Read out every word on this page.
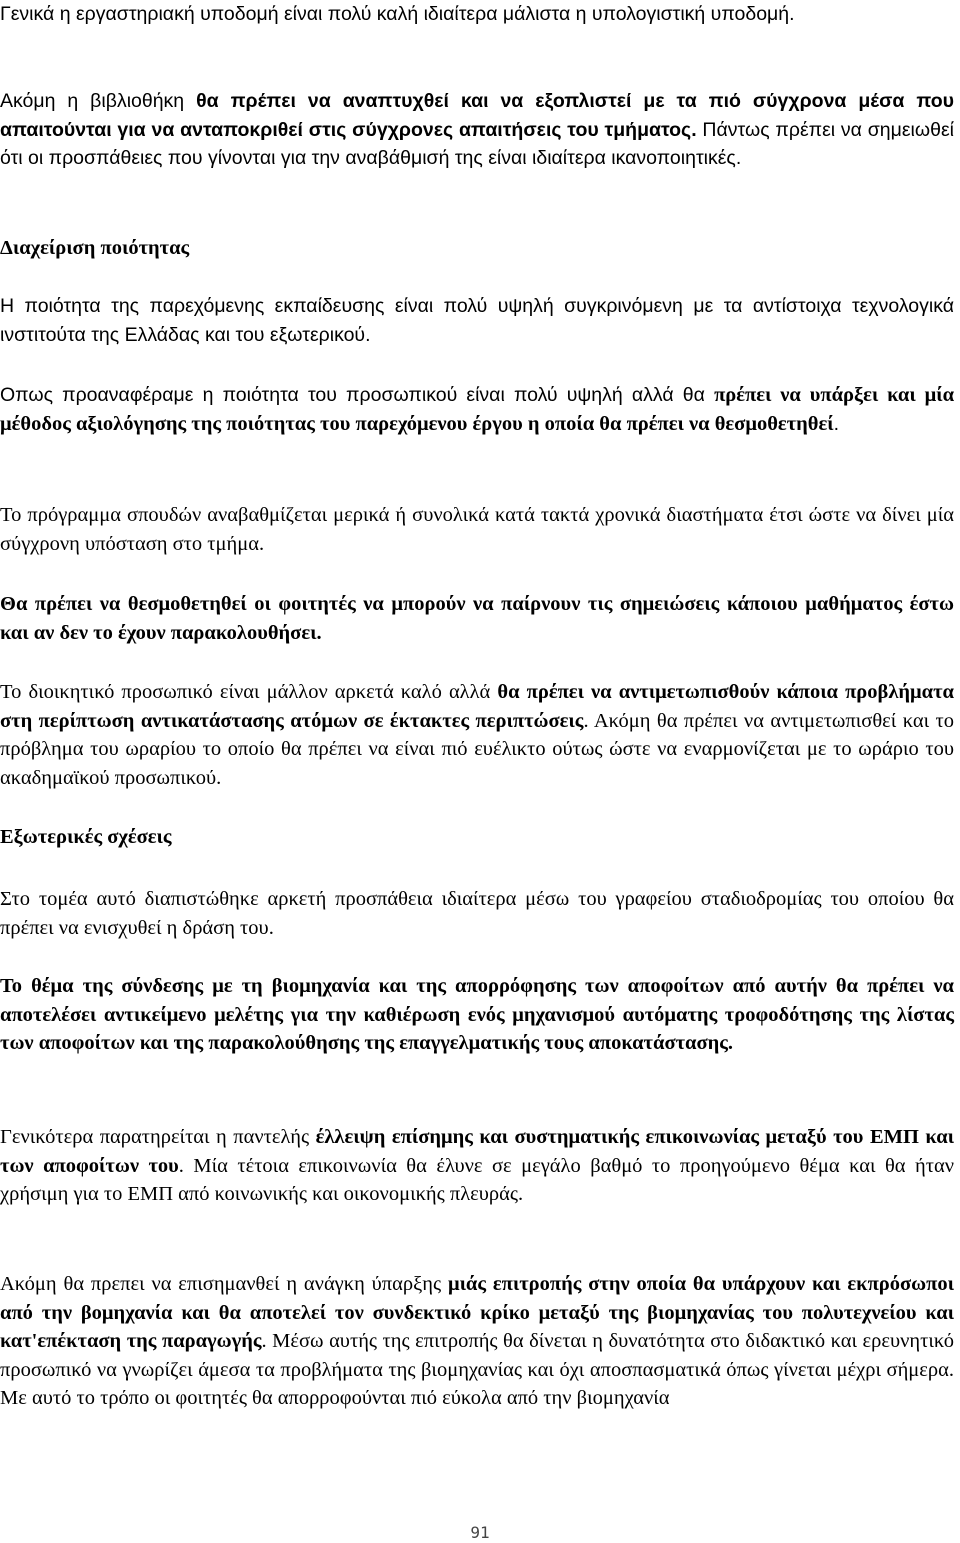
Γενικά η εργαστηριακή υποδομή είναι πολύ καλή ιδιαίτερα μάλιστα η υπολογιστική υποδομή.

Ακόμη η βιβλιοθήκη θα πρέπει να αναπτυχθεί και να εξοπλιστεί με τα πιό σύγχρονα μέσα που απαιτούνται για να ανταποκριθεί στις σύγχρονες απαιτήσεις του τμήματος. Πάντως πρέπει να σημειωθεί ότι οι προσπάθειες που γίνονται για την αναβάθμισή της είναι ιδιαίτερα ικανοποιητικές.

Διαχείριση ποιότητας

Η ποιότητα της παρεχόμενης εκπαίδευσης είναι πολύ υψηλή συγκρινόμενη με τα αντίστοιχα τεχνολογικά ινστιτούτα της Ελλάδας και του εξωτερικού.

Οπως προαναφέραμε η ποιότητα του προσωπικού είναι πολύ υψηλή αλλά θα πρέπει να υπάρξει και μία μέθοδος αξιολόγησης της ποιότητας του παρεχόμενου έργου η οποία θα πρέπει να θεσμοθετηθεί.

Το πρόγραμμα σπουδών αναβαθμίζεται μερικά ή συνολικά κατά τακτά χρονικά διαστήματα έτσι ώστε να δίνει μία σύγχρονη υπόσταση στο τμήμα.

Θα πρέπει να θεσμοθετηθεί οι φοιτητές να μπορούν να παίρνουν τις σημειώσεις κάποιου μαθήματος έστω και αν δεν το έχουν παρακολουθήσει.

Το διοικητικό προσωπικό είναι μάλλον αρκετά καλό αλλά θα πρέπει να αντιμετωπισθούν κάποια προβλήματα στη περίπτωση αντικατάστασης ατόμων σε έκτακτες περιπτώσεις. Ακόμη θα πρέπει να αντιμετωπισθεί και το πρόβλημα του ωραρίου το οποίο θα πρέπει να είναι πιό ευέλικτο ούτως ώστε να εναρμονίζεται με το ωράριο του ακαδημαϊκού προσωπικού.

Εξωτερικές σχέσεις

Στο τομέα αυτό διαπιστώθηκε αρκετή προσπάθεια ιδιαίτερα μέσω του γραφείου σταδιοδρομίας του οποίου θα πρέπει να ενισχυθεί η δράση του.

Το θέμα της σύνδεσης με τη βιομηχανία και της απορρόφησης των αποφοίτων από αυτήν θα πρέπει να αποτελέσει αντικείμενο μελέτης για την καθιέρωση ενός μηχανισμού αυτόματης τροφοδότησης της λίστας των αποφοίτων και της παρακολούθησης της επαγγελματικής τους αποκατάστασης.

Γενικότερα παρατηρείται η παντελής έλλειψη επίσημης και συστηματικής επικοινωνίας μεταξύ του ΕΜΠ και των αποφοίτων του. Μία τέτοια επικοινωνία θα έλυνε σε μεγάλο βαθμό το προηγούμενο θέμα και θα ήταν χρήσιμη για το ΕΜΠ από κοινωνικής και οικονομικής πλευράς.

Ακόμη θα πρεπει να επισημανθεί η ανάγκη ύπαρξης μιάς επιτροπής στην οποία θα υπάρχουν και εκπρόσωποι από την βομηχανία και θα αποτελεί τον συνδεκτικό κρίκο μεταξύ της βιομηχανίας του πολυτεχνείου και κατ'επέκταση της παραγωγής. Μέσω αυτής της επιτροπής θα δίνεται η δυνατότητα στο διδακτικό και ερευνητικό προσωπικό να γνωρίζει άμεσα τα προβλήματα της βιομηχανίας και όχι αποσπασματικά όπως γίνεται μέχρι σήμερα. Με αυτό το τρόπο οι φοιτητές θα απορροφούνται πιό εύκολα από την βιομηχανία

91
